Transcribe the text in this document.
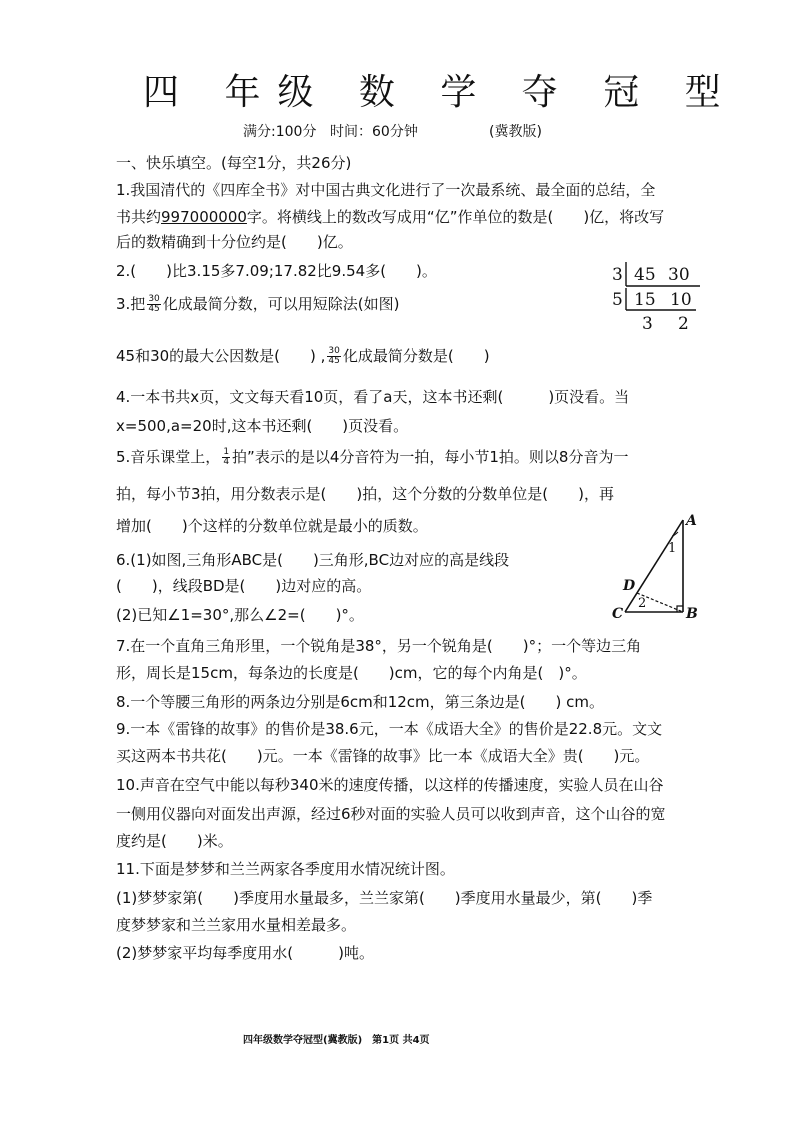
四 年级 数 学 夺 冠 型
满分:100分 时间：60分钟	(冀教版)
一、快乐填空。(每空1分，共26分)
1.我国清代的《四库全书》对中国古典文化进行了一次最系统、最全面的总结，全
书共约997000000字。将横线上的数改写成用“亿”作单位的数是(　　)亿，将改写
后的数精确到十分位约是(　　)亿。
2.(　　)比3.15多7.09;17.82比9.54多(　　)。
3.把 $\frac{30}{45}$ 化成最简分数，可以用短除法(如图)
45和30的最大公因数是(　　) , $\frac{30}{45}$ 化成最简分数是(　　)
3 45 30
5 15 10
3 2
4.一本书共x页，文文每天看10页，看了a天，这本书还剩(　　　)页没看。当
x=500,a=20时,这本书还剩(　　)页没看。
5.音乐课堂上， $\frac{1}{4}$ 拍”表示的是以4分音符为一拍，每小节1拍。则以8分音为一
拍，每小节3拍，用分数表示是(　　)拍，这个分数的分数单位是(　　)，再
增加(　　)个这样的分数单位就是最小的质数。	A
B
C
D
1
2
6.(1)如图,三角形ABC是(　　)三角形,BC边对应的高是线段
(　　)，线段BD是(　　)边对应的高。
(2)已知∠1=30°,那么∠2=(　　)°。
7.在一个直角三角形里，一个锐角是38°，另一个锐角是(　　)°；一个等边三角
形，周长是15cm，每条边的长度是(　　)cm，它的每个内角是(　)°。
8.一个等腰三角形的两条边分别是6cm和12cm，第三条边是(　　) cm。
9.一本《雷锋的故事》的售价是38.6元，一本《成语大全》的售价是22.8元。文文
买这两本书共花(　　)元。一本《雷锋的故事》比一本《成语大全》贵(　　)元。
10.声音在空气中能以每秒340米的速度传播，以这样的传播速度，实验人员在山谷
一侧用仪器向对面发出声源，经过6秒对面的实验人员可以收到声音，这个山谷的宽
度约是(　　)米。
11.下面是梦梦和兰兰两家各季度用水情况统计图。
(1)梦梦家第(　　)季度用水量最多，兰兰家第(　　)季度用水量最少，第(　　)季
度梦梦家和兰兰家用水量相差最多。
(2)梦梦家平均每季度用水(　　　)吨。
四年级数学夺冠型(冀教版)　第1页 共4页
